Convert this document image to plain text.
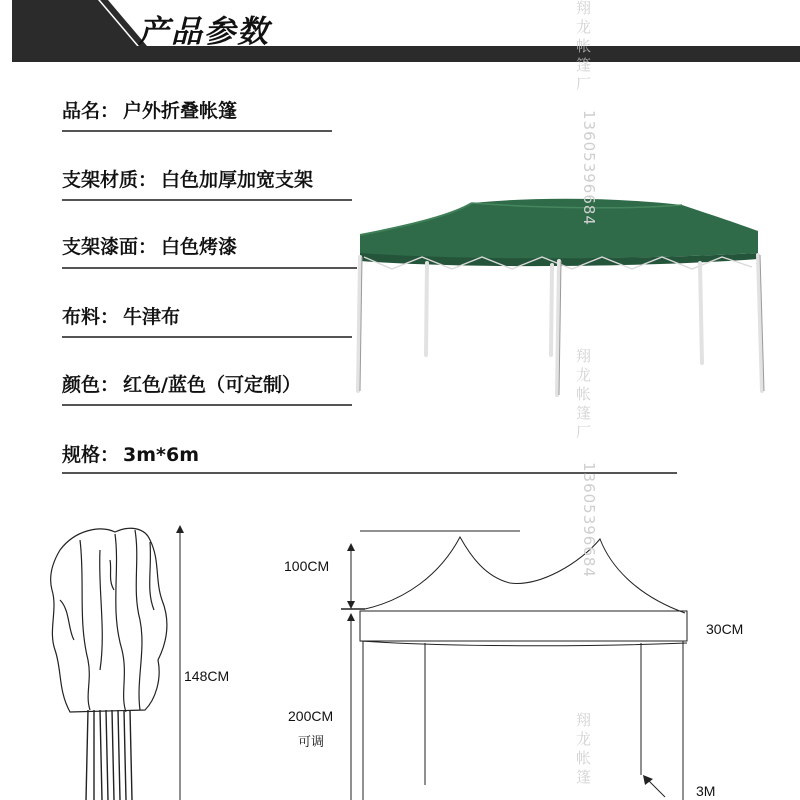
产品参数
品名： 户外折叠帐篷
支架材质： 白色加厚加宽支架
支架漆面： 白色烤漆
布料： 牛津布
颜色： 红色/蓝色（可定制）
规格： 3m*6m
148CM
100CM
30CM
200CM
可调
3M
翔龙帐篷厂
13605396684
翔龙帐篷厂
13605396684
翔龙帐篷
